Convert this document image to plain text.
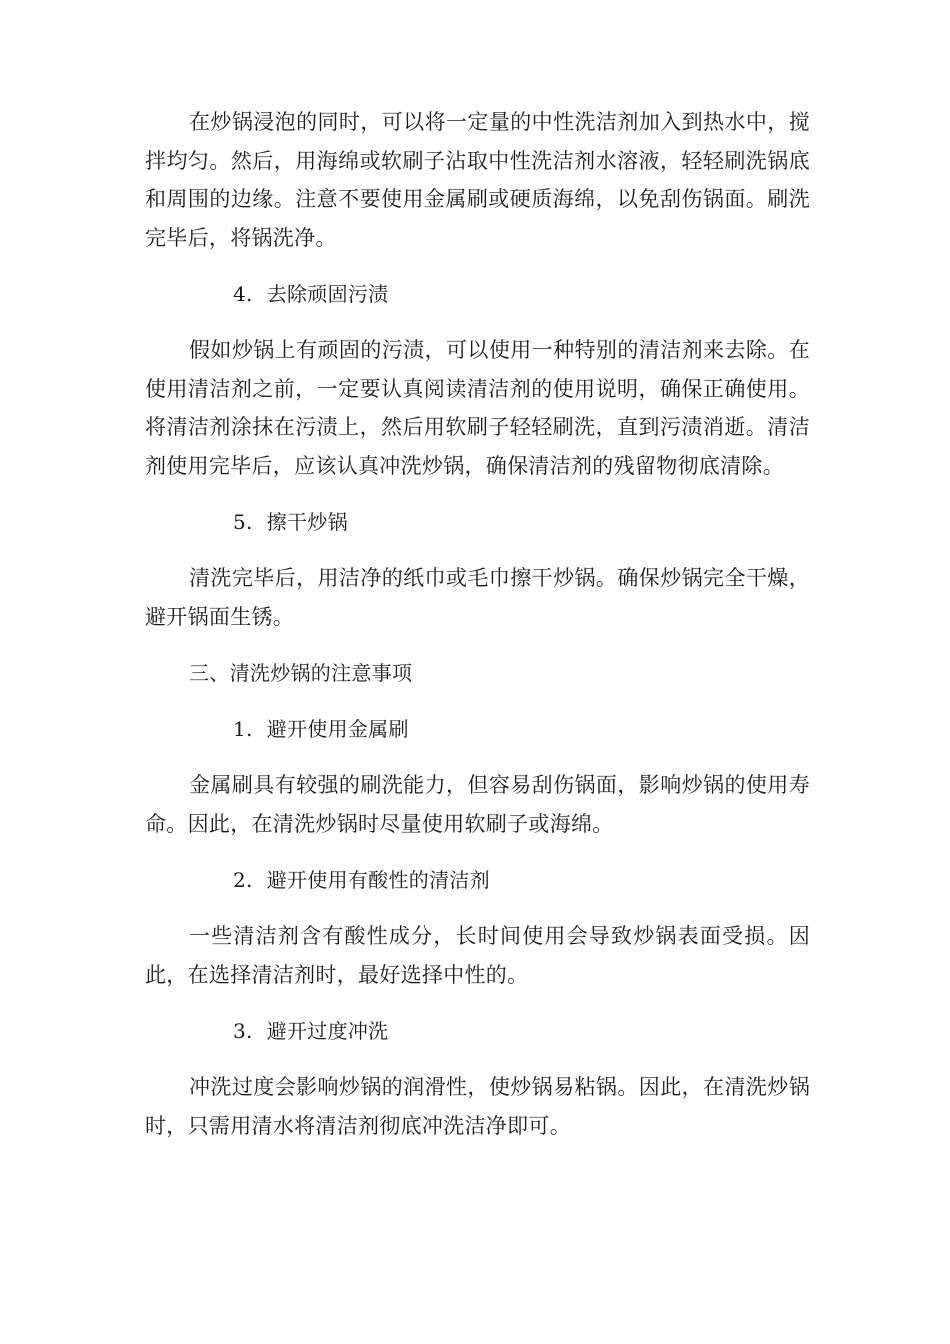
在炒锅浸泡的同时，可以将一定量的中性洗洁剂加入到热水中，搅拌均匀。然后，用海绵或软刷子沾取中性洗洁剂水溶液，轻轻刷洗锅底和周围的边缘。注意不要使用金属刷或硬质海绵，以免刮伤锅面。刷洗完毕后，将锅洗净。

4. 去除顽固污渍

假如炒锅上有顽固的污渍，可以使用一种特别的清洁剂来去除。在使用清洁剂之前，一定要认真阅读清洁剂的使用说明，确保正确使用。将清洁剂涂抹在污渍上，然后用软刷子轻轻刷洗，直到污渍消逝。清洁剂使用完毕后，应该认真冲洗炒锅，确保清洁剂的残留物彻底清除。

5. 擦干炒锅

清洗完毕后，用洁净的纸巾或毛巾擦干炒锅。确保炒锅完全干燥，避开锅面生锈。

三、清洗炒锅的注意事项

1. 避开使用金属刷

金属刷具有较强的刷洗能力，但容易刮伤锅面，影响炒锅的使用寿命。因此，在清洗炒锅时尽量使用软刷子或海绵。

2. 避开使用有酸性的清洁剂

一些清洁剂含有酸性成分，长时间使用会导致炒锅表面受损。因此，在选择清洁剂时，最好选择中性的。

3. 避开过度冲洗

冲洗过度会影响炒锅的润滑性，使炒锅易粘锅。因此，在清洗炒锅时，只需用清水将清洁剂彻底冲洗洁净即可。
